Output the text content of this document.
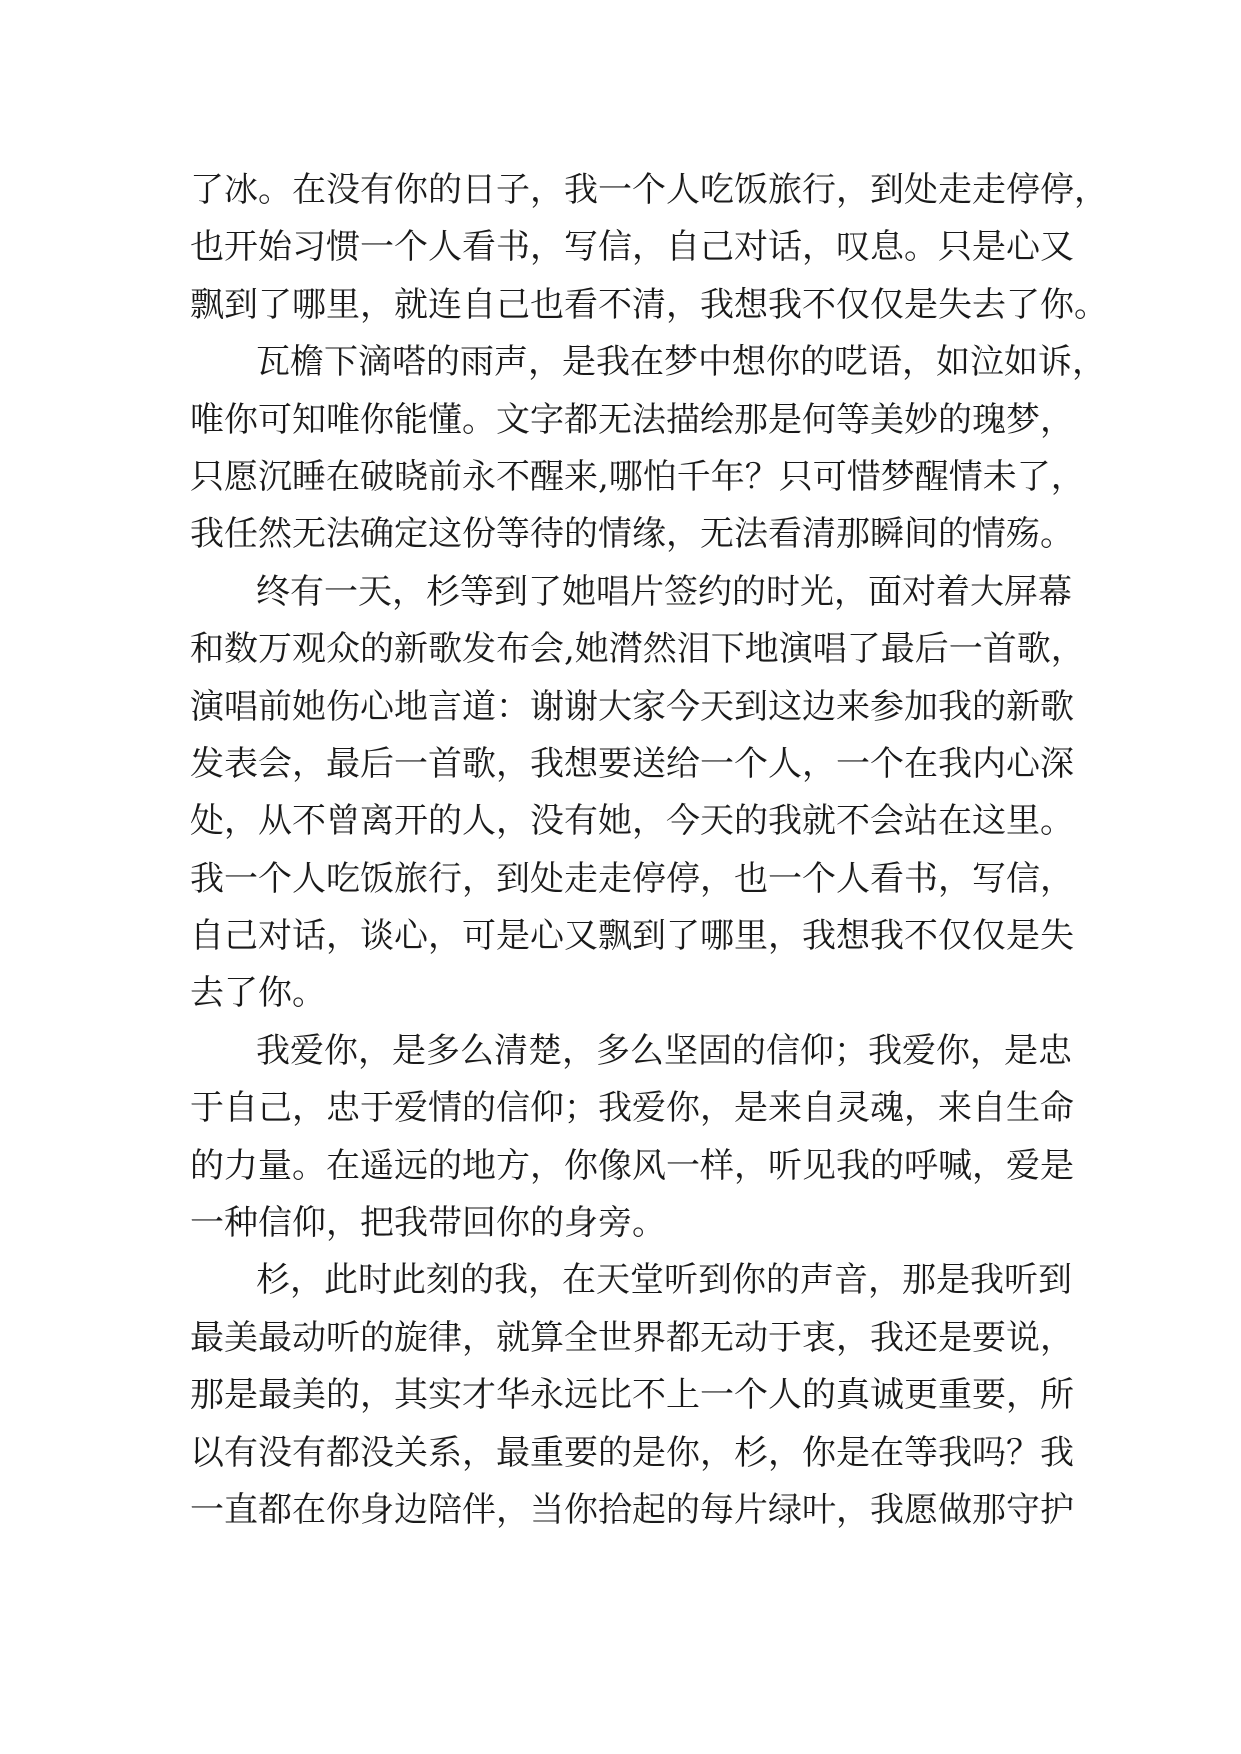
了冰。在没有你的日子，我一个人吃饭旅行，到处走走停停，
也开始习惯一个人看书，写信，自己对话，叹息。只是心又
飘到了哪里，就连自己也看不清，我想我不仅仅是失去了你。
瓦檐下滴嗒的雨声，是我在梦中想你的呓语，如泣如诉，
唯你可知唯你能懂。文字都无法描绘那是何等美妙的瑰梦，
只愿沉睡在破晓前永不醒来,哪怕千年？只可惜梦醒情未了，
我任然无法确定这份等待的情缘，无法看清那瞬间的情殇。
终有一天，杉等到了她唱片签约的时光，面对着大屏幕
和数万观众的新歌发布会,她潸然泪下地演唱了最后一首歌，
演唱前她伤心地言道：谢谢大家今天到这边来参加我的新歌
发表会，最后一首歌，我想要送给一个人，一个在我内心深
处，从不曾离开的人，没有她，今天的我就不会站在这里。
我一个人吃饭旅行，到处走走停停，也一个人看书，写信，
自己对话，谈心，可是心又飘到了哪里，我想我不仅仅是失
去了你。
我爱你，是多么清楚，多么坚固的信仰；我爱你，是忠
于自己，忠于爱情的信仰；我爱你，是来自灵魂，来自生命
的力量。在遥远的地方，你像风一样，听见我的呼喊，爱是
一种信仰，把我带回你的身旁。
杉，此时此刻的我，在天堂听到你的声音，那是我听到
最美最动听的旋律，就算全世界都无动于衷，我还是要说，
那是最美的，其实才华永远比不上一个人的真诚更重要，所
以有没有都没关系，最重要的是你，杉，你是在等我吗？我
一直都在你身边陪伴，当你拾起的每片绿叶，我愿做那守护
